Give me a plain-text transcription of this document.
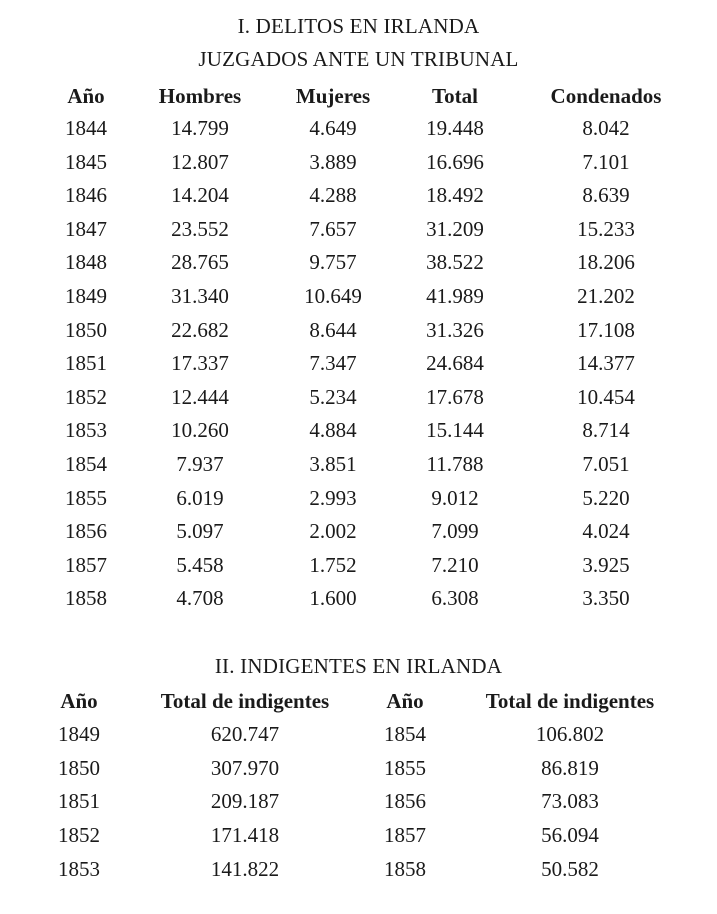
I. DELITOS EN IRLANDA
JUZGADOS ANTE UN TRIBUNAL
Año	Hombres	Mujeres	Total	Condenados
1844	14.799	4.649	19.448	8.042
1845	12.807	3.889	16.696	7.101
1846	14.204	4.288	18.492	8.639
1847	23.552	7.657	31.209	15.233
1848	28.765	9.757	38.522	18.206
1849	31.340	10.649	41.989	21.202
1850	22.682	8.644	31.326	17.108
1851	17.337	7.347	24.684	14.377
1852	12.444	5.234	17.678	10.454
1853	10.260	4.884	15.144	8.714
1854	7.937	3.851	11.788	7.051
1855	6.019	2.993	9.012	5.220
1856	5.097	2.002	7.099	4.024
1857	5.458	1.752	7.210	3.925
1858	4.708	1.600	6.308	3.350
II. INDIGENTES EN IRLANDA
Año	Total de indigentes	Año	Total de indigentes
1849	620.747	1854	106.802
1850	307.970	1855	86.819
1851	209.187	1856	73.083
1852	171.418	1857	56.094
1853	141.822	1858	50.582
